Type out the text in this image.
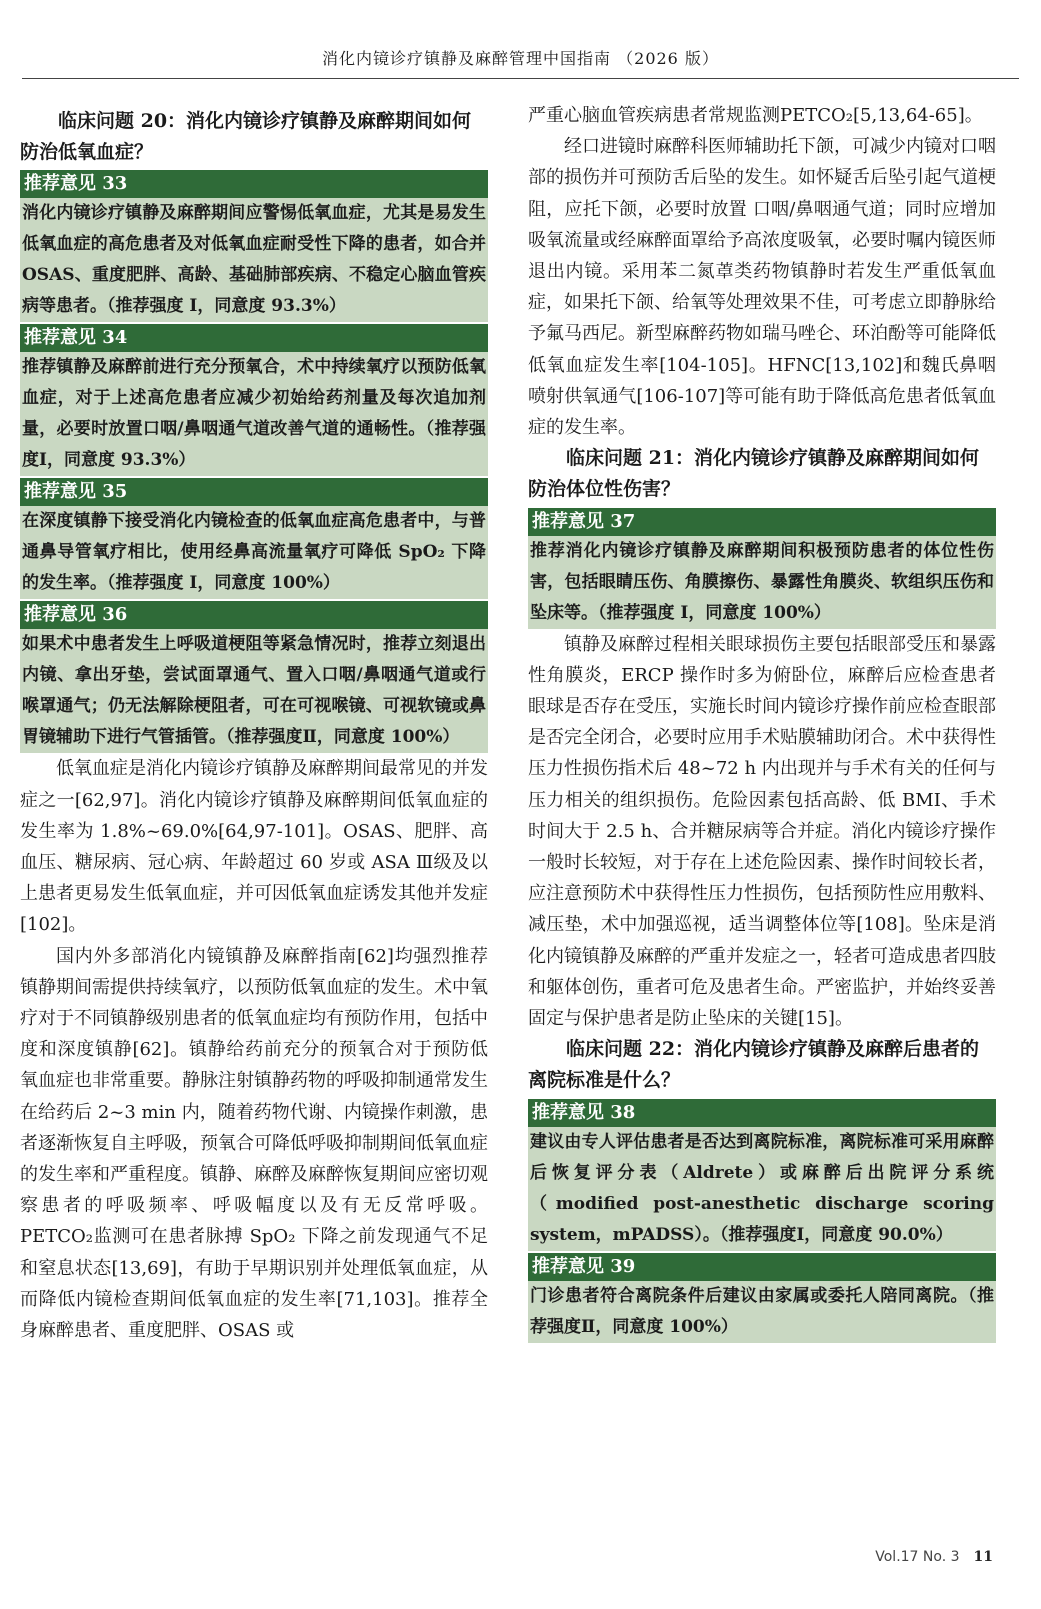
消化内镜诊疗镇静及麻醉管理中国指南 （2026 版）

临床问题 20：消化内镜诊疗镇静及麻醉期间如何防治低氧血症？

推荐意见 33
消化内镜诊疗镇静及麻醉期间应警惕低氧血症，尤其是易发生低氧血症的高危患者及对低氧血症耐受性下降的患者，如合并 OSAS、重度肥胖、高龄、基础肺部疾病、不稳定心脑血管疾病等患者。（推荐强度 Ⅰ，同意度 93.3%）
推荐意见 34
推荐镇静及麻醉前进行充分预氧合，术中持续氧疗以预防低氧血症，对于上述高危患者应减少初始给药剂量及每次追加剂量，必要时放置口咽/鼻咽通气道改善气道的通畅性。（推荐强度Ⅰ，同意度 93.3%）
推荐意见 35
在深度镇静下接受消化内镜检查的低氧血症高危患者中，与普通鼻导管氧疗相比，使用经鼻高流量氧疗可降低 SpO₂ 下降的发生率。（推荐强度 Ⅰ，同意度 100%）
推荐意见 36
如果术中患者发生上呼吸道梗阻等紧急情况时，推荐立刻退出内镜、拿出牙垫，尝试面罩通气、置入口咽/鼻咽通气道或行喉罩通气；仍无法解除梗阻者，可在可视喉镜、可视软镜或鼻胃镜辅助下进行气管插管。（推荐强度Ⅱ，同意度 100%）

低氧血症是消化内镜诊疗镇静及麻醉期间最常见的并发症之一[62,97]。消化内镜诊疗镇静及麻醉期间低氧血症的发生率为 1.8%~69.0%[64,97-101]。OSAS、肥胖、高血压、糖尿病、冠心病、年龄超过 60 岁或 ASA Ⅲ级及以上患者更易发生低氧血症，并可因低氧血症诱发其他并发症[102]。

国内外多部消化内镜镇静及麻醉指南[62]均强烈推荐镇静期间需提供持续氧疗，以预防低氧血症的发生。术中氧疗对于不同镇静级别患者的低氧血症均有预防作用，包括中度和深度镇静[62]。镇静给药前充分的预氧合对于预防低氧血症也非常重要。静脉注射镇静药物的呼吸抑制通常发生在给药后 2~3 min 内，随着药物代谢、内镜操作刺激，患者逐渐恢复自主呼吸，预氧合可降低呼吸抑制期间低氧血症的发生率和严重程度。镇静、麻醉及麻醉恢复期间应密切观察患者的呼吸频率、呼吸幅度以及有无反常呼吸。PETCO₂监测可在患者脉搏 SpO₂ 下降之前发现通气不足和窒息状态[13,69]，有助于早期识别并处理低氧血症，从而降低内镜检查期间低氧血症的发生率[71,103]。推荐全身麻醉患者、重度肥胖、OSAS 或

严重心脑血管疾病患者常规监测PETCO₂[5,13,64-65]。

经口进镜时麻醉科医师辅助托下颌，可减少内镜对口咽部的损伤并可预防舌后坠的发生。如怀疑舌后坠引起气道梗阻，应托下颌，必要时放置 口咽/鼻咽通气道；同时应增加吸氧流量或经麻醉面罩给予高浓度吸氧，必要时嘱内镜医师退出内镜。采用苯二氮䓬类药物镇静时若发生严重低氧血症，如果托下颌、给氧等处理效果不佳，可考虑立即静脉给予氟马西尼。新型麻醉药物如瑞马唑仑、环泊酚等可能降低低氧血症发生率[104-105]。HFNC[13,102]和魏氏鼻咽喷射供氧通气[106-107]等可能有助于降低高危患者低氧血症的发生率。

临床问题 21：消化内镜诊疗镇静及麻醉期间如何防治体位性伤害？

推荐意见 37
推荐消化内镜诊疗镇静及麻醉期间积极预防患者的体位性伤害，包括眼睛压伤、角膜擦伤、暴露性角膜炎、软组织压伤和坠床等。（推荐强度 Ⅰ，同意度 100%）

镇静及麻醉过程相关眼球损伤主要包括眼部受压和暴露性角膜炎，ERCP 操作时多为俯卧位，麻醉后应检查患者眼球是否存在受压，实施长时间内镜诊疗操作前应检查眼部是否完全闭合，必要时应用手术贴膜辅助闭合。术中获得性压力性损伤指术后 48~72 h 内出现并与手术有关的任何与压力相关的组织损伤。危险因素包括高龄、低 BMI、手术时间大于 2.5 h、合并糖尿病等合并症。消化内镜诊疗操作一般时长较短，对于存在上述危险因素、操作时间较长者，应注意预防术中获得性压力性损伤，包括预防性应用敷料、减压垫，术中加强巡视，适当调整体位等[108]。坠床是消化内镜镇静及麻醉的严重并发症之一，轻者可造成患者四肢和躯体创伤，重者可危及患者生命。严密监护，并始终妥善固定与保护患者是防止坠床的关键[15]。

临床问题 22：消化内镜诊疗镇静及麻醉后患者的离院标准是什么？

推荐意见 38
建议由专人评估患者是否达到离院标准，离院标准可采用麻醉后恢复评分表（Aldrete）或麻醉后出院评分系统（modified post-anesthetic discharge scoring system，mPADSS）。（推荐强度Ⅰ，同意度 90.0%）
推荐意见 39
门诊患者符合离院条件后建议由家属或委托人陪同离院。（推荐强度Ⅱ，同意度 100%）
Vol.17 No. 3 11
